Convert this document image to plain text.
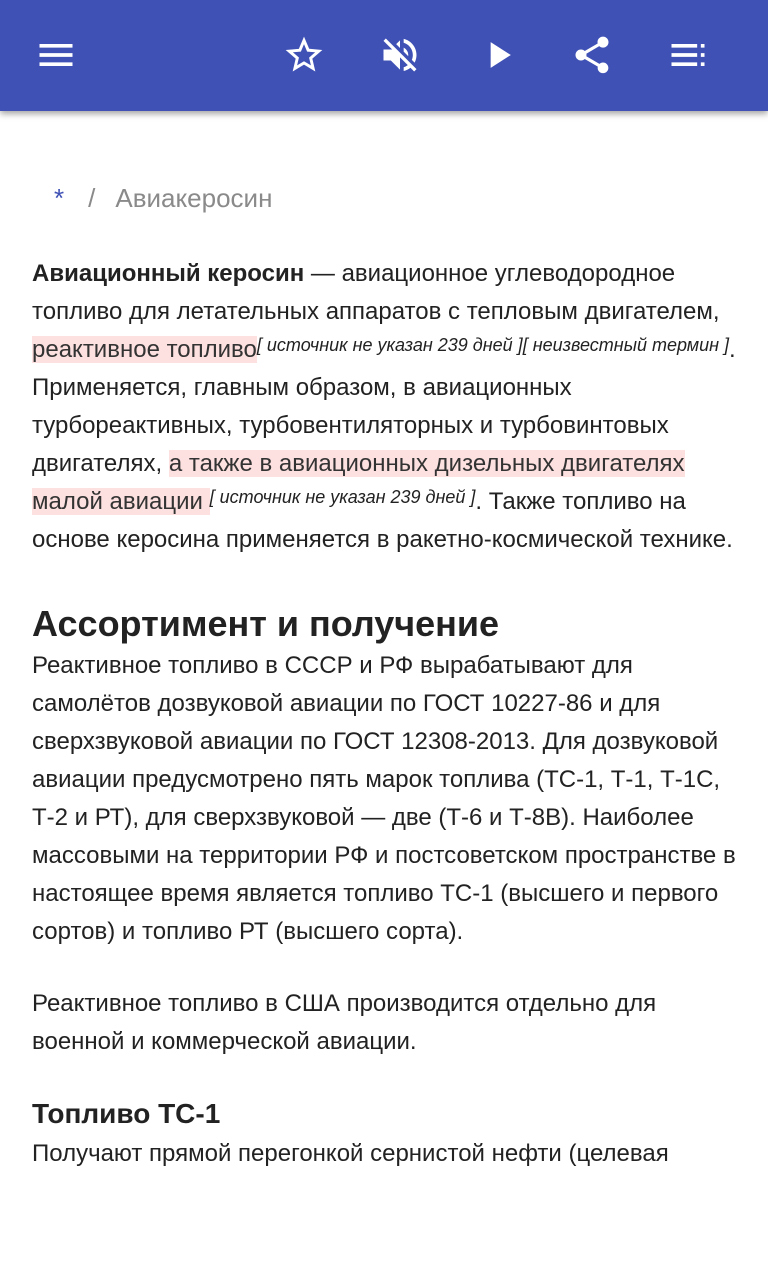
* / Авиакеросин

Авиационный керосин — авиационное углеводородное топливо для летательных аппаратов с тепловым двигателем, реактивное топливо[ источник не указан 239 дней ][ неизвестный термин ]. Применяется, главным образом, в авиационных турбореактивных, турбовентиляторных и турбовинтовых двигателях, а также в авиационных дизельных двигателях малой авиации [ источник не указан 239 дней ]. Также топливо на основе керосина применяется в ракетно-космической технике.

Ассортимент и получение

Реактивное топливо в СССР и РФ вырабатывают для самолётов дозвуковой авиации по ГОСТ 10227-86 и для сверхзвуковой авиации по ГОСТ 12308-2013. Для дозвуковой авиации предусмотрено пять марок топлива (ТС-1, Т-1, Т-1С, Т-2 и РТ), для сверхзвуковой — две (Т-6 и Т-8В). Наиболее массовыми на территории РФ и постсоветском пространстве в настоящее время является топливо ТС-1 (высшего и первого сортов) и топливо РТ (высшего сорта).

Реактивное топливо в США производится отдельно для военной и коммерческой авиации.

Топливо ТС-1

Получают прямой перегонкой сернистой нефти (целевая
